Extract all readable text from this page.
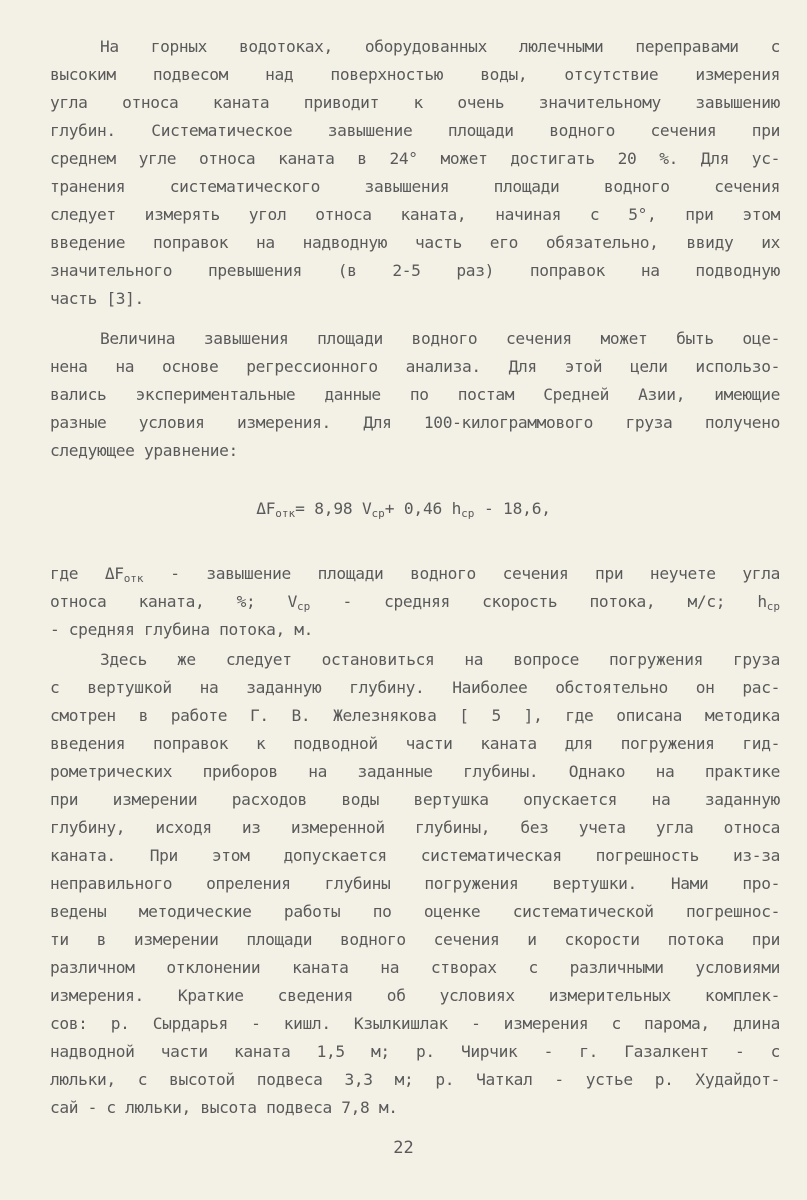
На горных водотоках, оборудованных люлечными переправами с
высоким подвесом над поверхностью воды, отсутствие измерения
угла относа каната приводит к очень значительному завышению
глубин. Систематическое завышение площади водного сечения при
среднем угле относа каната в 24° может достигать 20 %. Для ус-
транения систематического завышения площади водного сечения
следует измерять угол относа каната, начиная с 5°, при этом
введение поправок на надводную часть его обязательно, ввиду их
значительного превышения (в 2-5 раз) поправок на подводную
часть [3].
Величина завышения площади водного сечения может быть оце-
нена на основе регрессионного анализа. Для этой цели использо-
вались экспериментальные данные по постам Средней Азии, имеющие
разные условия измерения. Для 100-килограммового груза получено
следующее уравнение:
$\Delta F_{отк}= 8,98$ $V_{ср}+ 0,46$ $h_{ср} - 18,6$,
где $\Delta F_{отк}$ - завышение площади водного сечения при неучете угла
относа каната, %; $V_{ср}$ - средняя скорость потока, м/с; $h_{ср}$
- средняя глубина потока, м.
Здесь же следует остановиться на вопросе погружения груза
с вертушкой на заданную глубину. Наиболее обстоятельно он рас-
смотрен в работе Г. В. Железнякова [ 5 ], где описана методика
введения поправок к подводной части каната для погружения гид-
рометрических приборов на заданные глубины. Однако на практике
при измерении расходов воды вертушка опускается на заданную
глубину, исходя из измеренной глубины, без учета угла относа
каната. При этом допускается систематическая погрешность из-за
неправильного опреления глубины погружения вертушки. Нами про-
ведены методические работы по оценке систематической погрешнос-
ти в измерении площади водного сечения и скорости потока при
различном отклонении каната на створах с различными условиями
измерения. Краткие сведения об условиях измерительных комплек-
сов: р. Сырдарья - кишл. Кзылкишлак - измерения с парома, длина
надводной части каната 1,5 м; р. Чирчик - г. Газалкент - с
люльки, с высотой подвеса 3,3 м; р. Чаткал - устье р. Худайдот-
сай - с люльки, высота подвеса 7,8 м.
22
